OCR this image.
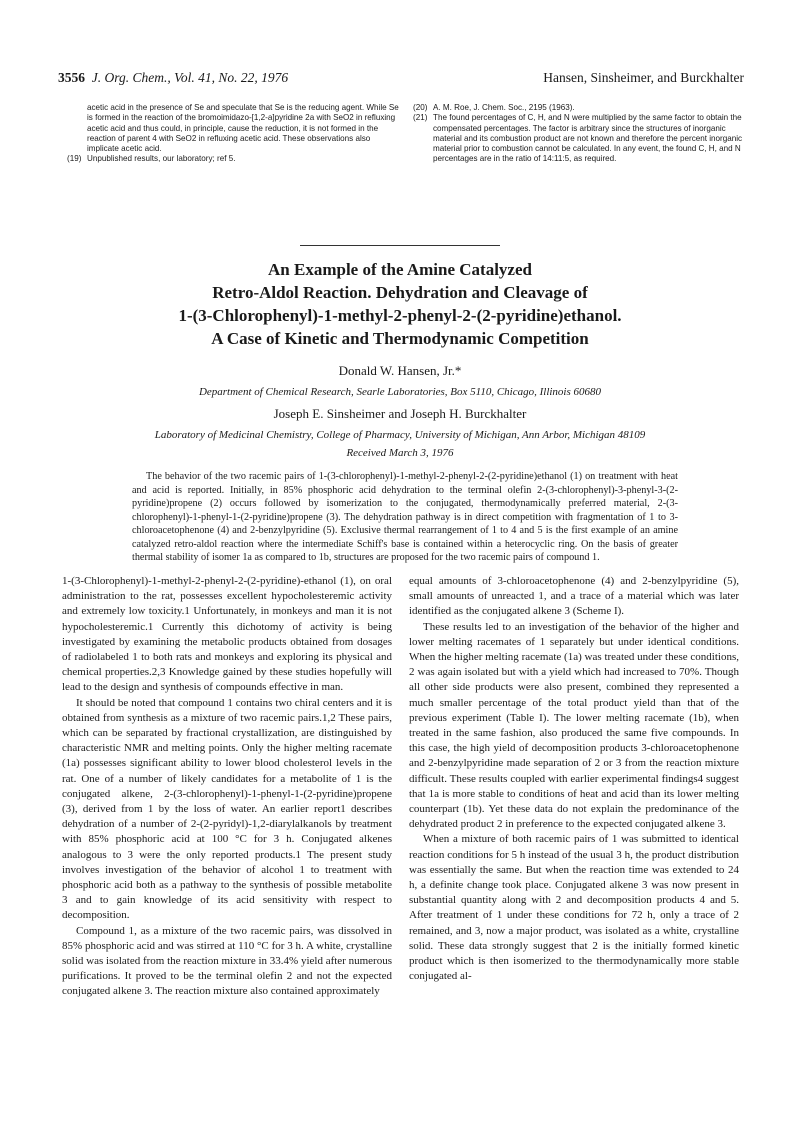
3556 J. Org. Chem., Vol. 41, No. 22, 1976	Hansen, Sinsheimer, and Burckhalter

acetic acid in the presence of Se and speculate that Se is the reducing agent. While Se is formed in the reaction of the bromoimidazo-[1,2-a]pyridine 2a with SeO2 in refluxing acetic acid and thus could, in principle, cause the reduction, it is not formed in the reaction of parent 4 with SeO2 in refluxing acetic acid. These observations also implicate acetic acid.

(19) Unpublished results, our laboratory; ref 5.

(20) A. M. Roe, J. Chem. Soc., 2195 (1963).

(21) The found percentages of C, H, and N were multiplied by the same factor to obtain the compensated percentages. The factor is arbitrary since the structures of inorganic material and its combustion product are not known and therefore the percent inorganic material prior to combustion cannot be calculated. In any event, the found C, H, and N percentages are in the ratio of 14:11:5, as required.

An Example of the Amine Catalyzed
Retro-Aldol Reaction. Dehydration and Cleavage of
1-(3-Chlorophenyl)-1-methyl-2-phenyl-2-(2-pyridine)ethanol.
A Case of Kinetic and Thermodynamic Competition
Donald W. Hansen, Jr.*
Department of Chemical Research, Searle Laboratories, Box 5110, Chicago, Illinois 60680
Joseph E. Sinsheimer and Joseph H. Burckhalter
Laboratory of Medicinal Chemistry, College of Pharmacy, University of Michigan, Ann Arbor, Michigan 48109
Received March 3, 1976

The behavior of the two racemic pairs of 1-(3-chlorophenyl)-1-methyl-2-phenyl-2-(2-pyridine)ethanol (1) on treatment with heat and acid is reported. Initially, in 85% phosphoric acid dehydration to the terminal olefin 2-(3-chlorophenyl)-3-phenyl-3-(2-pyridine)propene (2) occurs followed by isomerization to the conjugated, thermodynamically preferred material, 2-(3-chlorophenyl)-1-phenyl-1-(2-pyridine)propene (3). The dehydration pathway is in direct competition with fragmentation of 1 to 3-chloroacetophenone (4) and 2-benzylpyridine (5). Exclusive thermal rearrangement of 1 to 4 and 5 is the first example of an amine catalyzed retro-aldol reaction where the intermediate Schiff's base is contained within a heterocyclic ring. On the basis of greater thermal stability of isomer 1a as compared to 1b, structures are proposed for the two racemic pairs of compound 1.

1-(3-Chlorophenyl)-1-methyl-2-phenyl-2-(2-pyridine)-ethanol (1), on oral administration to the rat, possesses excellent hypocholesteremic activity and extremely low toxicity.1 Unfortunately, in monkeys and man it is not hypocholesteremic.1 Currently this dichotomy of activity is being investigated by examining the metabolic products obtained from dosages of radiolabeled 1 to both rats and monkeys and exploring its physical and chemical properties.2,3 Knowledge gained by these studies hopefully will lead to the design and synthesis of compounds effective in man.

It should be noted that compound 1 contains two chiral centers and it is obtained from synthesis as a mixture of two racemic pairs.1,2 These pairs, which can be separated by fractional crystallization, are distinguished by characteristic NMR and melting points. Only the higher melting racemate (1a) possesses significant ability to lower blood cholesterol levels in the rat. One of a number of likely candidates for a metabolite of 1 is the conjugated alkene, 2-(3-chlorophenyl)-1-phenyl-1-(2-pyridine)propene (3), derived from 1 by the loss of water. An earlier report1 describes dehydration of a number of 2-(2-pyridyl)-1,2-diarylalkanols by treatment with 85% phosphoric acid at 100 °C for 3 h. Conjugated alkenes analogous to 3 were the only reported products.1 The present study involves investigation of the behavior of alcohol 1 to treatment with phosphoric acid both as a pathway to the synthesis of possible metabolite 3 and to gain knowledge of its acid sensitivity with respect to decomposition.

Compound 1, as a mixture of the two racemic pairs, was dissolved in 85% phosphoric acid and was stirred at 110 °C for 3 h. A white, crystalline solid was isolated from the reaction mixture in 33.4% yield after numerous purifications. It proved to be the terminal olefin 2 and not the expected conjugated alkene 3. The reaction mixture also contained approximately

equal amounts of 3-chloroacetophenone (4) and 2-benzylpyridine (5), small amounts of unreacted 1, and a trace of a material which was later identified as the conjugated alkene 3 (Scheme I).

These results led to an investigation of the behavior of the higher and lower melting racemates of 1 separately but under identical conditions. When the higher melting racemate (1a) was treated under these conditions, 2 was again isolated but with a yield which had increased to 70%. Though all other side products were also present, combined they represented a much smaller percentage of the total product yield than that of the previous experiment (Table I). The lower melting racemate (1b), when treated in the same fashion, also produced the same five compounds. In this case, the high yield of decomposition products 3-chloroacetophenone and 2-benzylpyridine made separation of 2 or 3 from the reaction mixture difficult. These results coupled with earlier experimental findings4 suggest that 1a is more stable to conditions of heat and acid than its lower melting counterpart (1b). Yet these data do not explain the predominance of the dehydrated product 2 in preference to the expected conjugated alkene 3.

When a mixture of both racemic pairs of 1 was submitted to identical reaction conditions for 5 h instead of the usual 3 h, the product distribution was essentially the same. But when the reaction time was extended to 24 h, a definite change took place. Conjugated alkene 3 was now present in substantial quantity along with 2 and decomposition products 4 and 5. After treatment of 1 under these conditions for 72 h, only a trace of 2 remained, and 3, now a major product, was isolated as a white, crystalline solid. These data strongly suggest that 2 is the initially formed kinetic product which is then isomerized to the thermodynamically more stable conjugated al-
